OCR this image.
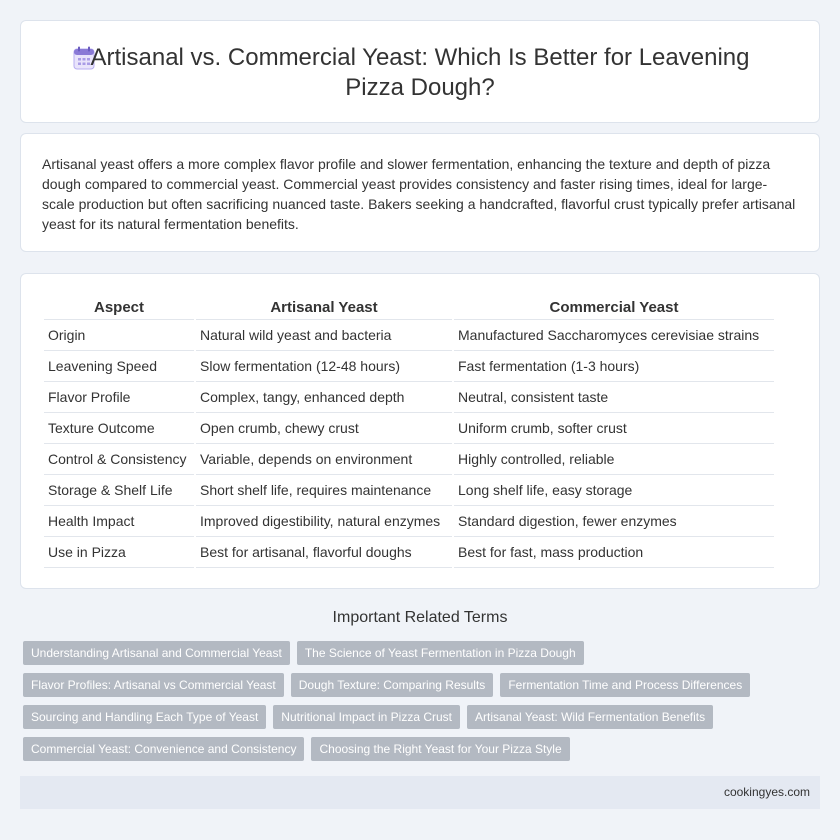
Artisanal vs. Commercial Yeast: Which Is Better for Leavening Pizza Dough?

Artisanal yeast offers a more complex flavor profile and slower fermentation, enhancing the texture and depth of pizza dough compared to commercial yeast. Commercial yeast provides consistency and faster rising times, ideal for large-scale production but often sacrificing nuanced taste. Bakers seeking a handcrafted, flavorful crust typically prefer artisanal yeast for its natural fermentation benefits.

Aspect	Artisanal Yeast	Commercial Yeast
Origin	Natural wild yeast and bacteria	Manufactured Saccharomyces cerevisiae strains
Leavening Speed	Slow fermentation (12-48 hours)	Fast fermentation (1-3 hours)
Flavor Profile	Complex, tangy, enhanced depth	Neutral, consistent taste
Texture Outcome	Open crumb, chewy crust	Uniform crumb, softer crust
Control & Consistency	Variable, depends on environment	Highly controlled, reliable
Storage & Shelf Life	Short shelf life, requires maintenance	Long shelf life, easy storage
Health Impact	Improved digestibility, natural enzymes	Standard digestion, fewer enzymes
Use in Pizza	Best for artisanal, flavorful doughs	Best for fast, mass production
Important Related Terms
Understanding Artisanal and Commercial Yeast	The Science of Yeast Fermentation in Pizza Dough
Flavor Profiles: Artisanal vs Commercial Yeast	Dough Texture: Comparing Results	Fermentation Time and Process Differences
Sourcing and Handling Each Type of Yeast	Nutritional Impact in Pizza Crust	Artisanal Yeast: Wild Fermentation Benefits
Commercial Yeast: Convenience and Consistency	Choosing the Right Yeast for Your Pizza Style
cookingyes.com
